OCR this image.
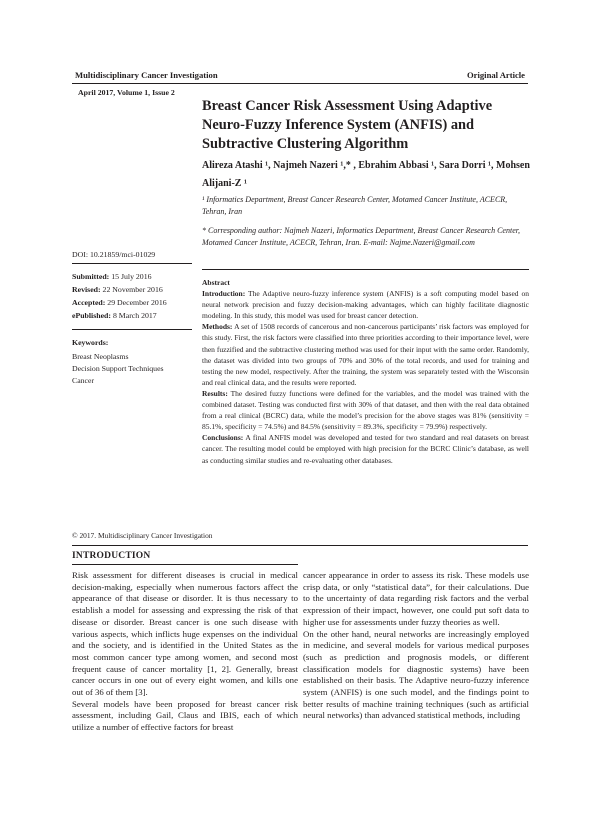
Multidisciplinary Cancer Investigation	Original Article
April 2017, Volume 1, Issue 2
Breast Cancer Risk Assessment Using Adaptive Neuro-Fuzzy Inference System (ANFIS) and Subtractive Clustering Algorithm
Alireza Atashi ¹, Najmeh Nazeri ¹,* , Ebrahim Abbasi ¹, Sara Dorri ¹, Mohsen Alijani-Z ¹
¹ Informatics Department, Breast Cancer Research Center, Motamed Cancer Institute, ACECR, Tehran, Iran
* Corresponding author: Najmeh Nazeri, Informatics Department, Breast Cancer Research Center, Motamed Cancer Institute, ACECR, Tehran, Iran. E-mail: Najme.Nazeri@gmail.com
DOI: 10.21859/mci-01029
Submitted: 15 July 2016
Revised: 22 November 2016
Accepted: 29 December 2016
ePublished: 8 March 2017
Keywords:
Breast Neoplasms
Decision Support Techniques
Cancer

Abstract

Introduction: The Adaptive neuro-fuzzy inference system (ANFIS) is a soft computing model based on neural network precision and fuzzy decision-making advantages, which can highly facilitate diagnostic modeling. In this study, this model was used for breast cancer detection.

Methods: A set of 1508 records of cancerous and non-cancerous participants’ risk factors was employed for this study. First, the risk factors were classified into three priorities according to their importance level, were then fuzzified and the subtractive clustering method was used for their input with the same order. Randomly, the dataset was divided into two groups of 70% and 30% of the total records, and used for training and testing the new model, respectively. After the training, the system was separately tested with the Wisconsin and real clinical data, and the results were reported.

Results: The desired fuzzy functions were defined for the variables, and the model was trained with the combined dataset. Testing was conducted first with 30% of that dataset, and then with the real data obtained from a real clinical (BCRC) data, while the model’s precision for the above stages was 81% (sensitivity = 85.1%, specificity = 74.5%) and 84.5% (sensitivity = 89.3%, specificity = 79.9%) respectively.

Conclusions: A final ANFIS model was developed and tested for two standard and real datasets on breast cancer. The resulting model could be employed with high precision for the BCRC Clinic’s database, as well as conducting similar studies and re-evaluating other databases.

© 2017. Multidisciplinary Cancer Investigation
INTRODUCTION

Risk assessment for different diseases is crucial in medical decision-making, especially when numerous factors affect the appearance of that disease or disorder. It is thus necessary to establish a model for assessing and expressing the risk of that disease or disorder. Breast cancer is one such disease with various aspects, which inflicts huge expenses on the individual and the society, and is identified in the United States as the most common cancer type among women, and second most frequent cause of cancer mortality [1, 2]. Generally, breast cancer occurs in one out of every eight women, and kills one out of 36 of them [3].

Several models have been proposed for breast cancer risk assessment, including Gail, Claus and IBIS, each of which utilize a number of effective factors for breast

cancer appearance in order to assess its risk. These models use crisp data, or only “statistical data”, for their calculations. Due to the uncertainty of data regarding risk factors and the verbal expression of their impact, however, one could put soft data to higher use for assessments under fuzzy theories as well.

On the other hand, neural networks are increasingly employed in medicine, and several models for various medical purposes (such as prediction and prognosis models, or different classification models for diagnostic systems) have been established on their basis. The Adaptive neuro-fuzzy inference system (ANFIS) is one such model, and the findings point to better results of machine training techniques (such as artificial neural networks) than advanced statistical methods, including
